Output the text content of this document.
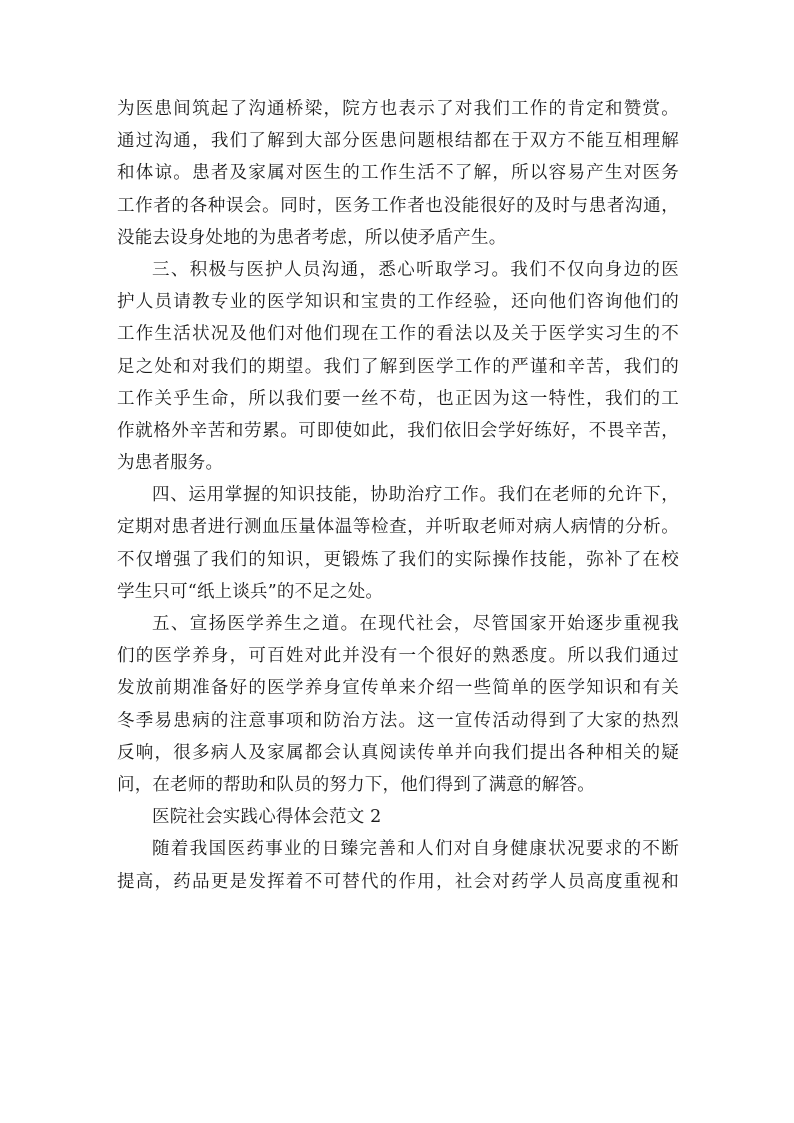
为医患间筑起了沟通桥梁，院方也表示了对我们工作的肯定和赞赏。
通过沟通，我们了解到大部分医患问题根结都在于双方不能互相理解
和体谅。患者及家属对医生的工作生活不了解，所以容易产生对医务
工作者的各种误会。同时，医务工作者也没能很好的及时与患者沟通，
没能去设身处地的为患者考虑，所以使矛盾产生。
三、积极与医护人员沟通，悉心听取学习。我们不仅向身边的医
护人员请教专业的医学知识和宝贵的工作经验，还向他们咨询他们的
工作生活状况及他们对他们现在工作的看法以及关于医学实习生的不
足之处和对我们的期望。我们了解到医学工作的严谨和辛苦，我们的
工作关乎生命，所以我们要一丝不苟，也正因为这一特性，我们的工
作就格外辛苦和劳累。可即使如此，我们依旧会学好练好，不畏辛苦，
为患者服务。
四、运用掌握的知识技能，协助治疗工作。我们在老师的允许下，
定期对患者进行测血压量体温等检查，并听取老师对病人病情的分析。
不仅增强了我们的知识，更锻炼了我们的实际操作技能，弥补了在校
学生只可“纸上谈兵”的不足之处。
五、宣扬医学养生之道。在现代社会，尽管国家开始逐步重视我
们的医学养身，可百姓对此并没有一个很好的熟悉度。所以我们通过
发放前期准备好的医学养身宣传单来介绍一些简单的医学知识和有关
冬季易患病的注意事项和防治方法。这一宣传活动得到了大家的热烈
反响，很多病人及家属都会认真阅读传单并向我们提出各种相关的疑
问，在老师的帮助和队员的努力下，他们得到了满意的解答。
医院社会实践心得体会范文 2
随着我国医药事业的日臻完善和人们对自身健康状况要求的不断
提高，药品更是发挥着不可替代的作用，社会对药学人员高度重视和
